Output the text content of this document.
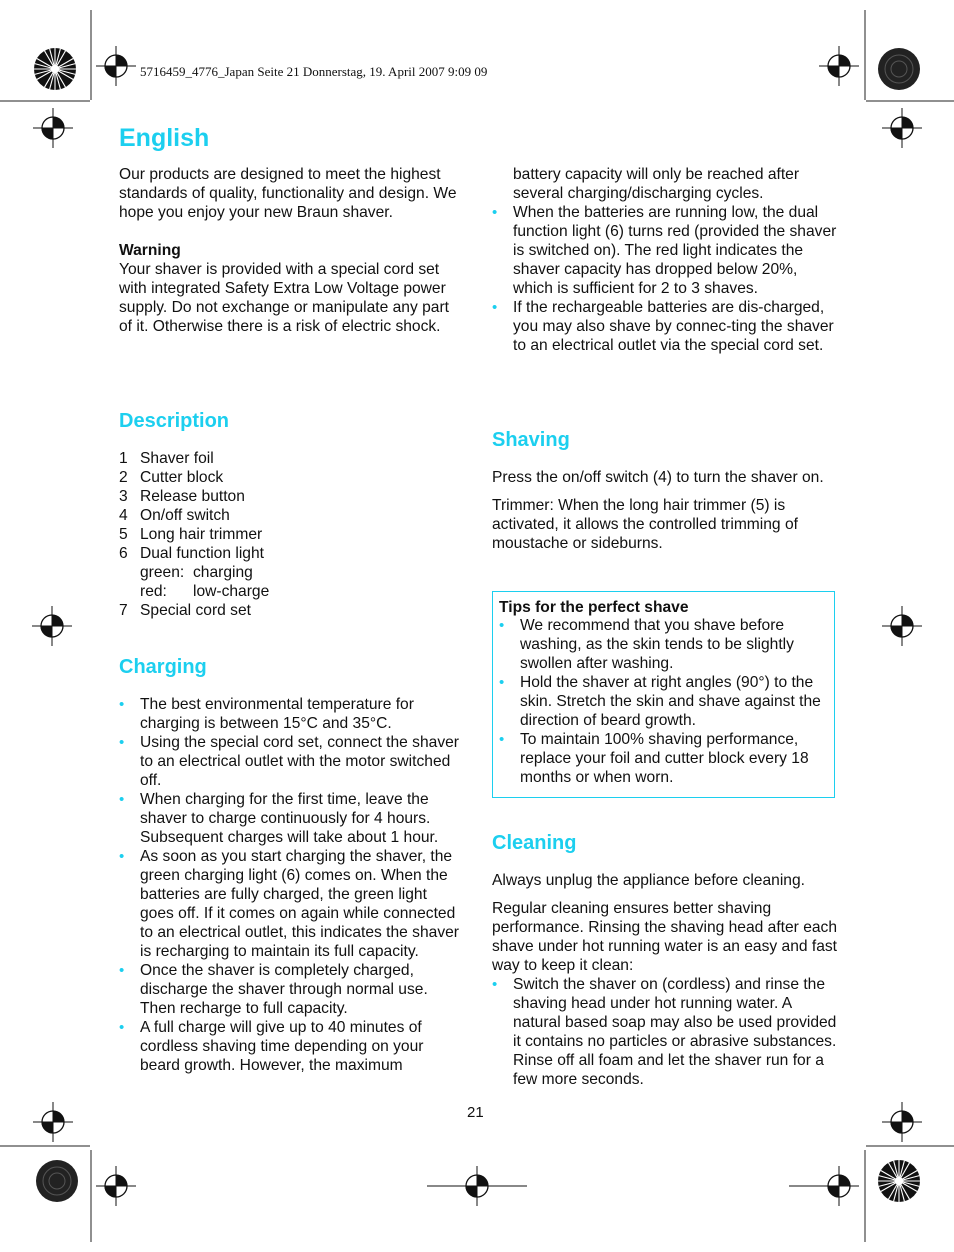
5716459_4776_Japan Seite 21 Donnerstag, 19. April 2007 9:09 09
English

Our products are designed to meet the highest standards of quality, functionality and design. We hope you enjoy your new Braun shaver.

Warning

Your shaver is provided with a special cord set with integrated Safety Extra Low Voltage power supply. Do not exchange or manipulate any part of it. Otherwise there is a risk of electric shock.

Description
1 Shaver foil
2 Cutter block
3 Release button
4 On/off switch
5 Long hair trimmer
6 Dual function light
green: charging
red:	low-charge
7 Special cord set
Charging
• The best environmental temperature for charging is between 15°C and 35°C.
• Using the special cord set, connect the shaver to an electrical outlet with the motor switched off.
• When charging for the first time, leave the shaver to charge continuously for 4 hours. Subsequent charges will take about 1 hour.
• As soon as you start charging the shaver, the green charging light (6) comes on. When the batteries are fully charged, the green light goes off. If it comes on again while connected to an electrical outlet, this indicates the shaver is recharging to maintain its full capacity.
• Once the shaver is completely charged, discharge the shaver through normal use. Then recharge to full capacity.
• A full charge will give up to 40 minutes of cordless shaving time depending on your beard growth. However, the maximum

battery capacity will only be reached after several charging/discharging cycles.

• When the batteries are running low, the dual function light (6) turns red (provided the shaver is switched on). The red light indicates the shaver capacity has dropped below 20%, which is sufficient for 2 to 3 shaves.
• If the rechargeable batteries are dis-charged, you may also shave by connec-ting the shaver to an electrical outlet via the special cord set.
Shaving

Press the on/off switch (4) to turn the shaver on.

Trimmer: When the long hair trimmer (5) is activated, it allows the controlled trimming of moustache or sideburns.

Tips for the perfect shave

• We recommend that you shave before washing, as the skin tends to be slightly swollen after washing.
• Hold the shaver at right angles (90°) to the skin. Stretch the skin and shave against the direction of beard growth.
• To maintain 100% shaving performance, replace your foil and cutter block every 18 months or when worn.
Cleaning

Always unplug the appliance before cleaning.

Regular cleaning ensures better shaving performance. Rinsing the shaving head after each shave under hot running water is an easy and fast way to keep it clean:

• Switch the shaver on (cordless) and rinse the shaving head under hot running water. A natural based soap may also be used provided it contains no particles or abrasive substances. Rinse off all foam and let the shaver run for a few more seconds.
21
